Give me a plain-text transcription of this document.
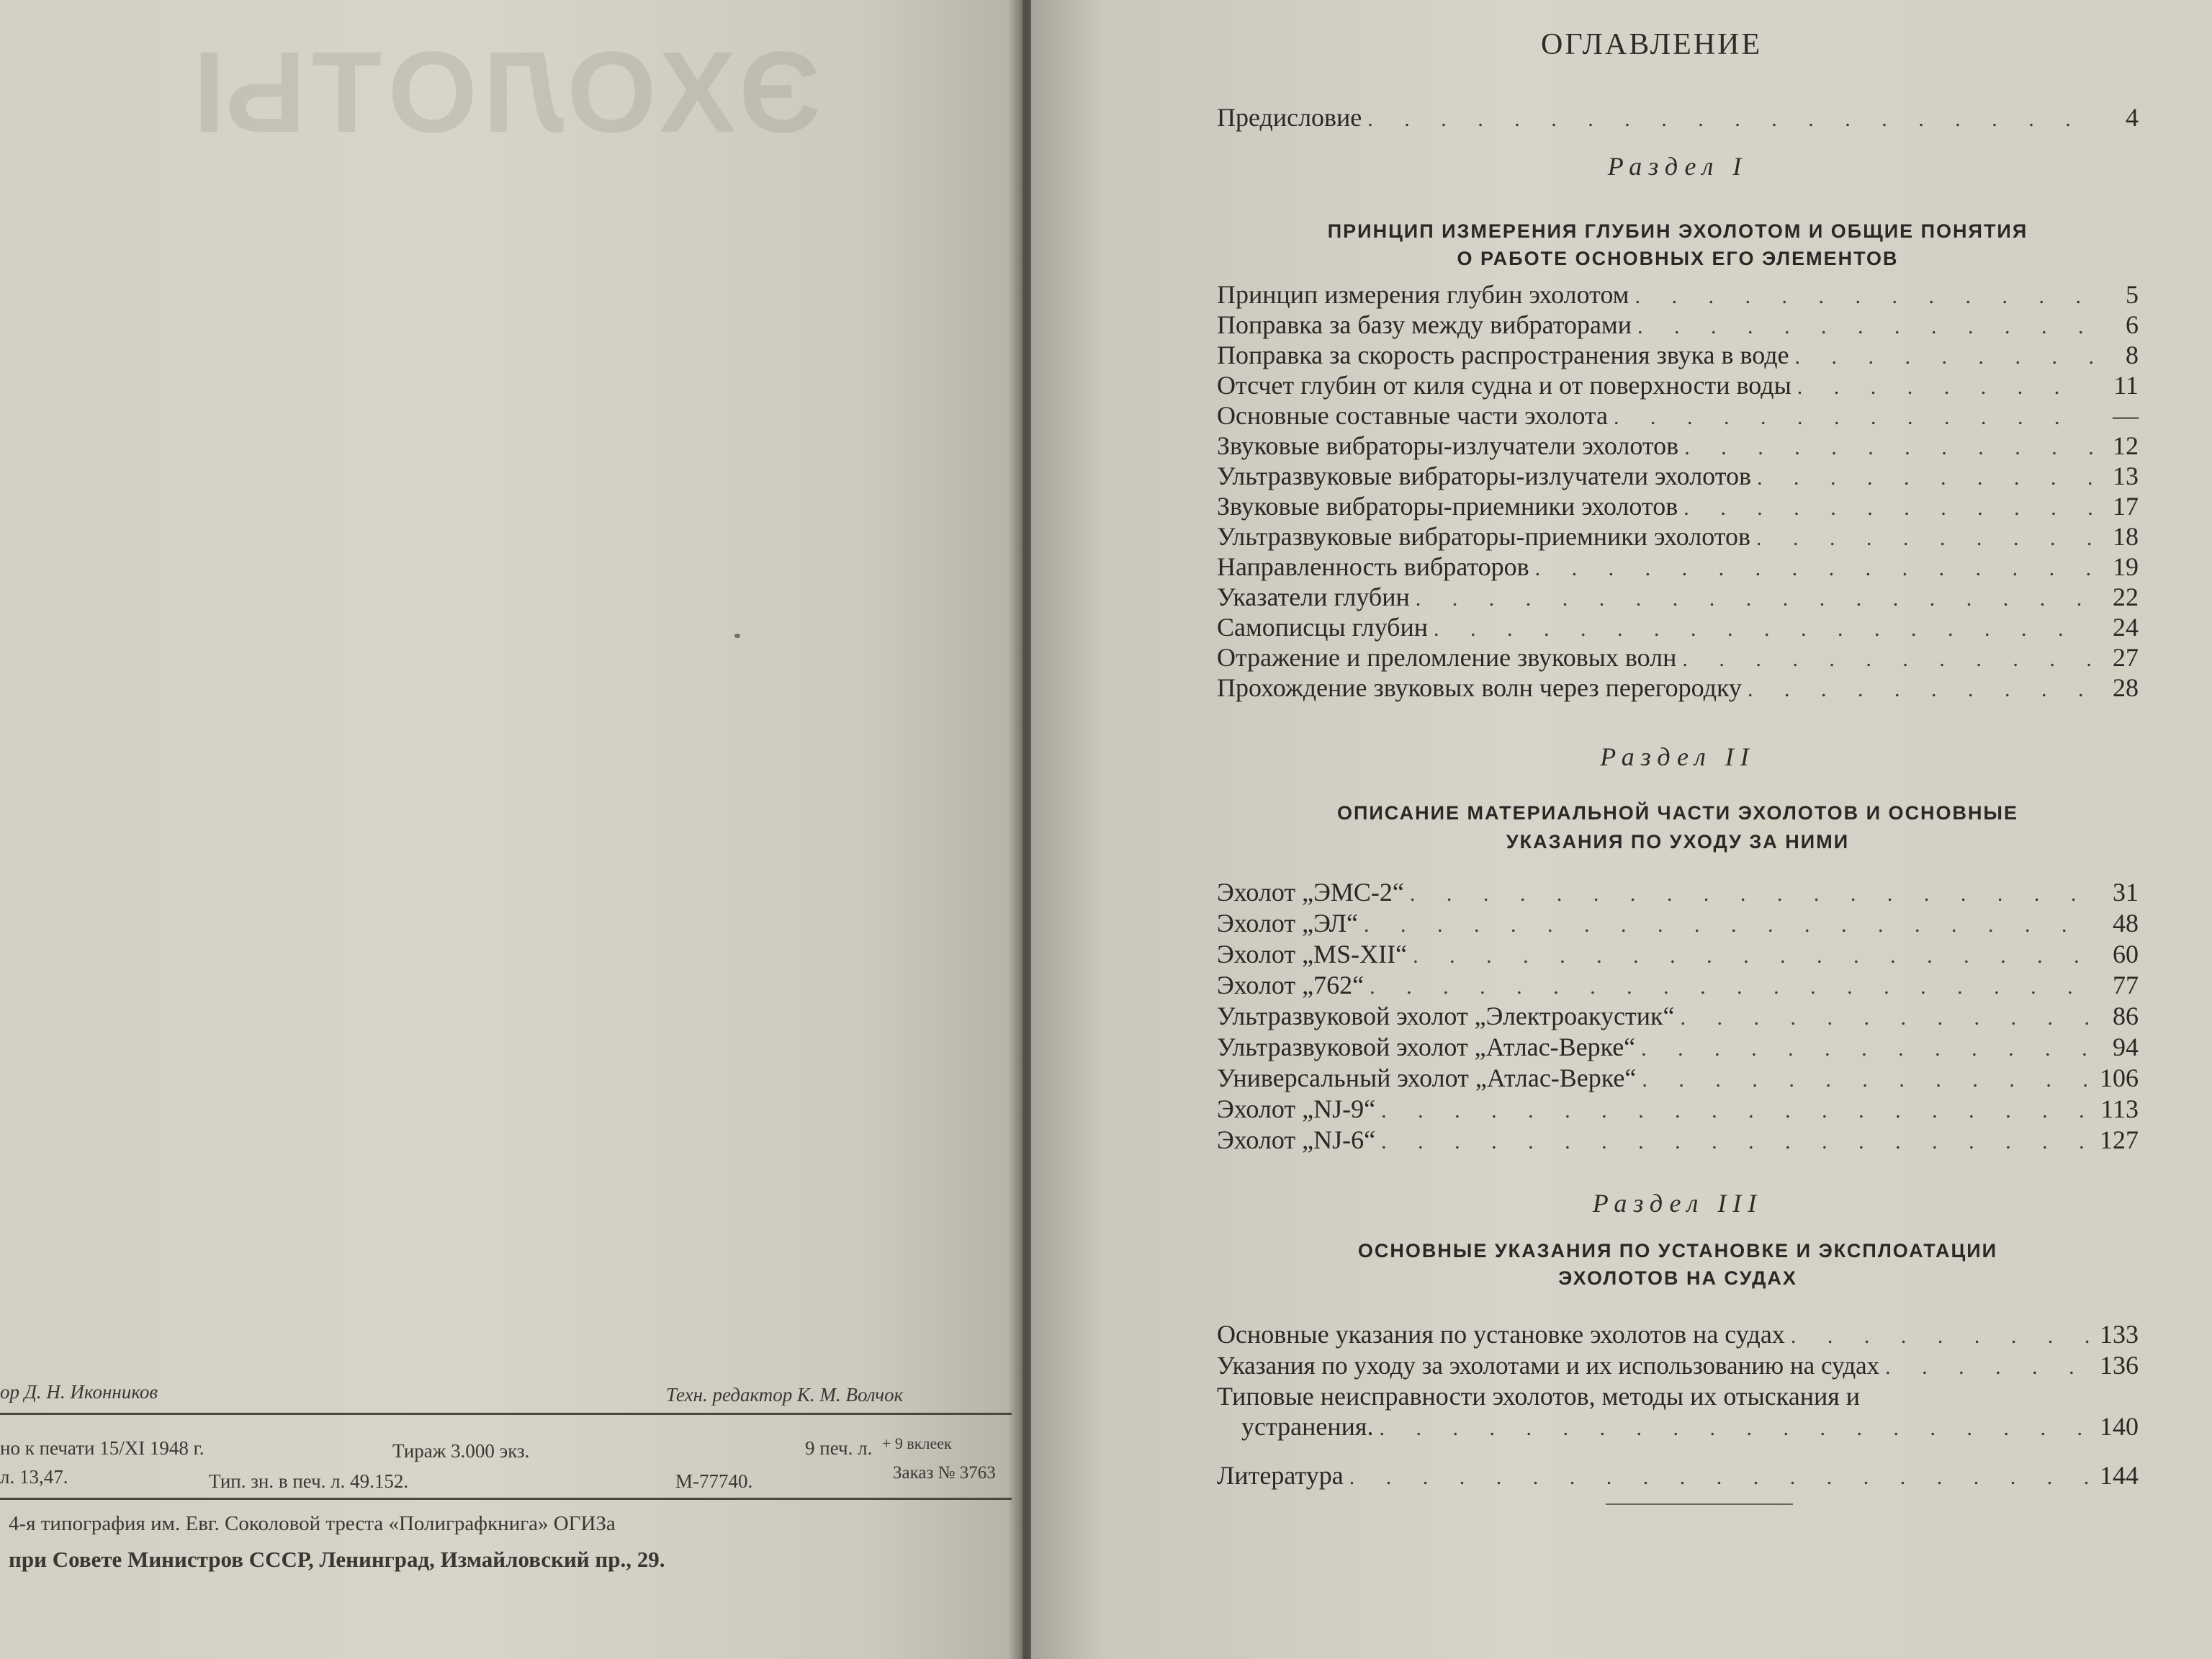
ЭХОЛОТЫ
ор Д. Н. Иконников	Техн. редактор К. М. Волчок
но к печати 15/XI 1948 г.	Тираж 3.000 экз.	9 печ. л. + 9 вклеек
л. 13,47.	Тип. зн. в печ. л. 49.152.	М-77740.	Заказ № 3763
4-я типография им. Евг. Соколовой треста «Полиграфкнига» ОГИЗа
при Совете Министров СССР, Ленинград, Измайловский пр., 29.
ОГЛАВЛЕНИЕ
Предисловие . . .	4
Раздел I
ПРИНЦИП ИЗМЕРЕНИЯ ГЛУБИН ЭХОЛОТОМ И ОБЩИЕ ПОНЯТИЯ
О РАБОТЕ ОСНОВНЫХ ЕГО ЭЛЕМЕНТОВ
Принцип измерения глубин эхолотом . . .	5
Поправка за базу между вибраторами . . .	6
Поправка за скорость распространения звука в воде . . .	8
Отсчет глубин от киля судна и от поверхности воды . . .	11
Основные составные части эхолота . . .	—
Звуковые вибраторы-излучатели эхолотов . . .	12
Ультразвуковые вибраторы-излучатели эхолотов . . .	13
Звуковые вибраторы-приемники эхолотов . . .	17
Ультразвуковые вибраторы-приемники эхолотов . . .	18
Направленность вибраторов . . .	19
Указатели глубин . . .	22
Самописцы глубин . . .	24
Отражение и преломление звуковых волн . . .	27
Прохождение звуковых волн через перегородку . . .	28
Раздел II
ОПИСАНИЕ МАТЕРИАЛЬНОЙ ЧАСТИ ЭХОЛОТОВ И ОСНОВНЫЕ
УКАЗАНИЯ ПО УХОДУ ЗА НИМИ
Эхолот „ЭМС-2“ . . .	31
Эхолот „ЭЛ“ . . .	48
Эхолот „MS-XII“ . . .	60
Эхолот „762“ . . .	77
Ультразвуковой эхолот „Электроакустик“ . . .	86
Ультразвуковой эхолот „Атлас-Верке“ . . .	94
Универсальный эхолот „Атлас-Верке“ . . .	106
Эхолот „NJ-9“ . . .	113
Эхолот „NJ-6“ . . .	127
Раздел III
ОСНОВНЫЕ УКАЗАНИЯ ПО УСТАНОВКЕ И ЭКСПЛОАТАЦИИ
ЭХОЛОТОВ НА СУДАХ
Основные указания по установке эхолотов на судах . . .	133
Указания по уходу за эхолотами и их использованию на судах . . .	136
Типовые неисправности эхолотов, методы их отыскания и
устранения. . . .	140
Литература . . .	144
